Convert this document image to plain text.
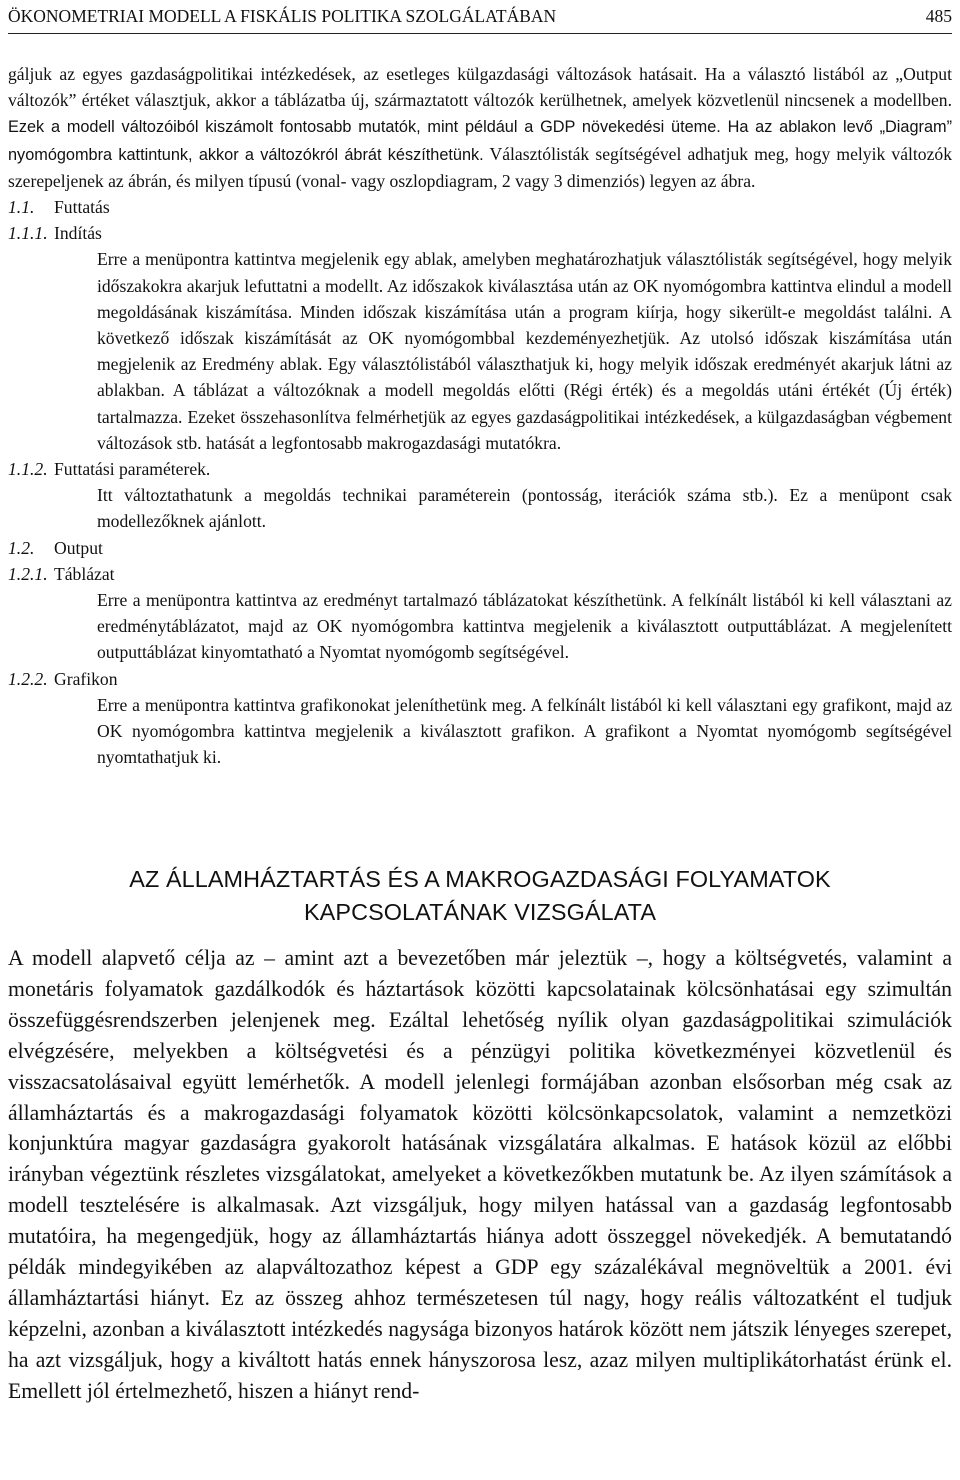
ÖKONOMETRIAI MODELL A FISKÁLIS POLITIKA SZOLGÁLATÁBAN	485

gáljuk az egyes gazdaságpolitikai intézkedések, az esetleges külgazdasági változások hatásait. Ha a választó listából az „Output változók” értéket választjuk, akkor a táblázatba új, származtatott változók kerülhetnek, amelyek közvetlenül nincsenek a modellben. Ezek a modell változóiból kiszámolt fontosabb mutatók, mint például a GDP növekedési üteme. Ha az ablakon levő „Diagram” nyomógombra kattintunk, akkor a változókról ábrát készíthetünk. Választólisták segítségével adhatjuk meg, hogy melyik változók szerepeljenek az ábrán, és milyen típusú (vonal- vagy oszlopdiagram, 2 vagy 3 dimenziós) legyen az ábra.

1.1. Futtatás
1.1.1. Indítás

Erre a menüpontra kattintva megjelenik egy ablak, amelyben meghatározhatjuk választólisták segítségével, hogy melyik időszakokra akarjuk lefuttatni a modellt. Az időszakok kiválasztása után az OK nyomógombra kattintva elindul a modell megoldásának kiszámítása. Minden időszak kiszámítása után a program kiírja, hogy sikerült-e megoldást találni. A következő időszak kiszámítását az OK nyomógombbal kezdeményezhetjük. Az utolsó időszak kiszámítása után megjelenik az Eredmény ablak. Egy választólistából választhatjuk ki, hogy melyik időszak eredményét akarjuk látni az ablakban. A táblázat a változóknak a modell megoldás előtti (Régi érték) és a megoldás utáni értékét (Új érték) tartalmazza. Ezeket összehasonlítva felmérhetjük az egyes gazdaságpolitikai intézkedések, a külgazdaságban végbement változások stb. hatását a legfontosabb makrogazdasági mutatókra.

1.1.2. Futtatási paraméterek.

Itt változtathatunk a megoldás technikai paraméterein (pontosság, iterációk száma stb.). Ez a menüpont csak modellezőknek ajánlott.

1.2. Output
1.2.1. Táblázat

Erre a menüpontra kattintva az eredményt tartalmazó táblázatokat készíthetünk. A felkínált listából ki kell választani az eredménytáblázatot, majd az OK nyomógombra kattintva megjelenik a kiválasztott outputtáblázat. A megjelenített outputtáblázat kinyomtatható a Nyomtat nyomógomb segítségével.

1.2.2. Grafikon

Erre a menüpontra kattintva grafikonokat jeleníthetünk meg. A felkínált listából ki kell választani egy grafikont, majd az OK nyomógombra kattintva megjelenik a kiválasztott grafikon. A grafikont a Nyomtat nyomógomb segítségével nyomtathatjuk ki.

AZ ÁLLAMHÁZTARTÁS ÉS A MAKROGAZDASÁGI FOLYAMATOK
KAPCSOLATÁNAK VIZSGÁLATA

A modell alapvető célja az – amint azt a bevezetőben már jeleztük –, hogy a költségvetés, valamint a monetáris folyamatok gazdálkodók és háztartások közötti kapcsolatainak kölcsönhatásai egy szimultán összefüggésrendszerben jelenjenek meg. Ezáltal lehetőség nyílik olyan gazdaságpolitikai szimulációk elvégzésére, melyekben a költségvetési és a pénzügyi politika következményei közvetlenül és visszacsatolásaival együtt lemérhetők. A modell jelenlegi formájában azonban elsősorban még csak az államháztartás és a makrogazdasági folyamatok közötti kölcsönkapcsolatok, valamint a nemzetközi konjunktúra magyar gazdaságra gyakorolt hatásának vizsgálatára alkalmas. E hatások közül az előbbi irányban végeztünk részletes vizsgálatokat, amelyeket a következőkben mutatunk be. Az ilyen számítások a modell tesztelésére is alkalmasak. Azt vizsgáljuk, hogy milyen hatással van a gazdaság legfontosabb mutatóira, ha megengedjük, hogy az államháztartás hiánya adott összeggel növekedjék. A bemutatandó példák mindegyikében az alapváltozathoz képest a GDP egy százalékával megnöveltük a 2001. évi államháztartási hiányt. Ez az összeg ahhoz természetesen túl nagy, hogy reális változatként el tudjuk képzelni, azonban a kiválasztott intézkedés nagysága bizonyos határok között nem játszik lényeges szerepet, ha azt vizsgáljuk, hogy a kiváltott hatás ennek hányszorosa lesz, azaz milyen multiplikátorhatást érünk el. Emellett jól értelmezhető, hiszen a hiányt rend-
